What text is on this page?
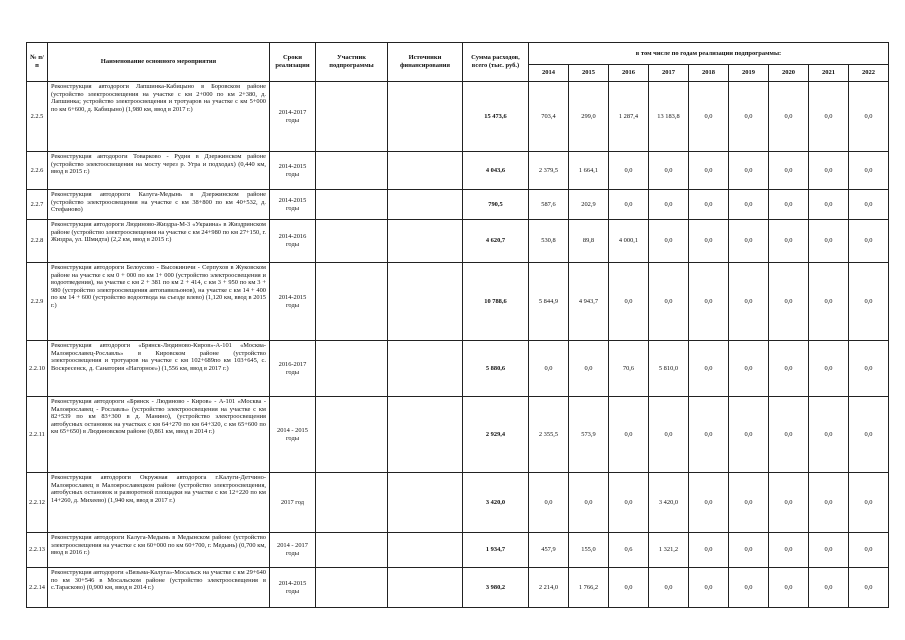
№ п/п	Наименование основного мероприятия	Сроки реализации	Участник подпрограммы	Источники финансирования	Сумма расходов, всего (тыс. руб.)	в том числе по годам реализации подпрограммы:								
						2014	2015	2016	2017	2018	2019	2020	2021	2022
2.2.5	Реконструкция автодороги Лапшинка-Кабицыно в Боровском районе (устройство электроосвещения на участке с км 2+000 по км 2+380, д. Лапшинка; устройство электроосвещения и тротуаров на участке с км 5+000 по км 6+600, д. Кабицыно) (1,980 км, ввод в 2017 г.)	2014-2017 годы			15 473,6	703,4	299,0	1 287,4	13 183,8	0,0	0,0	0,0	0,0	0,0
2.2.6	Реконструкция автодороги Товарково - Рудня в Дзержинском районе (устройство электоосвещения на мосту через р. Угра и подходах) (0,440 км, ввод в 2015 г.)	2014-2015 годы			4 043,6	2 379,5	1 664,1	0,0	0,0	0,0	0,0	0,0	0,0	0,0
2.2.7	Реконструкция автодороги Калуга-Медынь в Дзержинском районе (устройство электроосвещения на участке с км 38+800 по км 40+532, д. Стефаново)	2014-2015 годы			790,5	587,6	202,9	0,0	0,0	0,0	0,0	0,0	0,0	0,0
2.2.8	Реконструкция автодороги Людиново-Жиздра-М-3 «Украина» в Жиздринском районе (устройство электроосвещения на участке с км 24+980 по км 27+150, г. Жиздра, ул. Шмидта) (2,2 км, ввод в 2015 г.)	2014-2016 годы			4 620,7	530,8	89,8	4 000,1	0,0	0,0	0,0	0,0	0,0	0,0
2.2.9	Реконструкция автодороги Белоусово - Высокиничи - Серпухов в Жуковском районе на участке с км 0 + 000 по км 1+ 000 (устройство электроосвещения и водоотведения), на участке с км 2 + 381 по км 2 + 414, с км 3 + 950 по км 3 + 980 (устройство электроосвещения автопавильонов), на участке с км 14 + 400 по км 14 + 600 (устройство водоотвода на съезде влево) (1,120 км, ввод в 2015 г.)	2014-2015 годы			10 788,6	5 844,9	4 943,7	0,0	0,0	0,0	0,0	0,0	0,0	0,0
2.2.10	Реконструкция автодороги «Брянск-Людиново-Киров»-А-101 «Москва-Малоярославец-Рославль» в Кировском районе (устройство электроосвещения и тротуаров на участке с км 102+689по км 103+645, с. Воскресенск, д. Санатория «Нагорное») (1,556 км, ввод в 2017 г.)	2016-2017 годы			5 880,6	0,0	0,0	70,6	5 810,0	0,0	0,0	0,0	0,0	0,0
2.2.11	Реконструкция автодороги «Брянск - Людиново - Киров» - А-101 «Москва - Малоярославец - Рославль» (устройство электроосвещения на участке с км 82+539 по км 83+300 в д. Манино), (устройство электроосвещения автобусных остановок на участках с км 64+270 по км 64+320, с км 65+600 по км 65+650) в Людиновском районе (0,861 км, ввод в 2014 г.)	2014 - 2015 годы			2 929,4	2 355,5	573,9	0,0	0,0	0,0	0,0	0,0	0,0	0,0
2.2.12	Реконструкция автодороги Окружная автодорога г.Калуги-Детчино-Малоярославец в Малоярославецком районе (устройство электроосвещения, автобусных остановок и разворотной площадки на участке с км 12+220 по км 14+260, д. Михеево) (1,940 км, ввод в 2017 г.)	2017 год			3 420,0	0,0	0,0	0,0	3 420,0	0,0	0,0	0,0	0,0	0,0
2.2.13	Реконструкция автодороги Калуга-Медынь в Медынском районе (устройство электроосвещения на участке с км 60+000 по км 60+700, г. Медынь) (0,700 км, ввод в 2016 г.)	2014 - 2017 годы			1 934,7	457,9	155,0	0,6	1 321,2	0,0	0,0	0,0	0,0	0,0
2.2.14	Реконструкция автодороги «Вязьма-Калуга»-Мосальск на участке с км 29+640 по км 30+546 в Мосальском районе (устройство электроосвещения в с.Тарасково) (0,900 км, ввод в 2014 г.)	2014-2015 годы			3 980,2	2 214,0	1 766,2	0,0	0,0	0,0	0,0	0,0	0,0	0,0
